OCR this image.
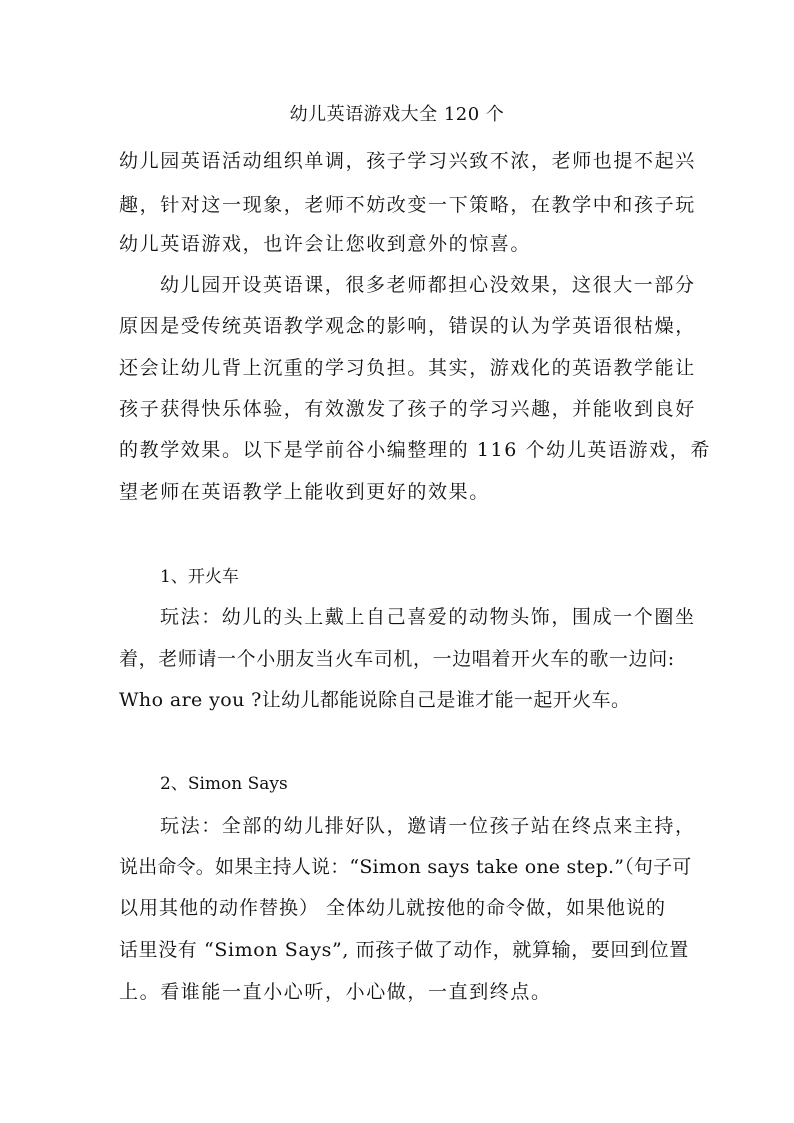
幼儿英语游戏大全 120 个
幼儿园英语活动组织单调，孩子学习兴致不浓，老师也提不起兴
趣，针对这一现象，老师不妨改变一下策略，在教学中和孩子玩
幼儿英语游戏，也许会让您收到意外的惊喜。
幼儿园开设英语课，很多老师都担心没效果，这很大一部分
原因是受传统英语教学观念的影响，错误的认为学英语很枯燥，
还会让幼儿背上沉重的学习负担。其实，游戏化的英语教学能让
孩子获得快乐体验，有效激发了孩子的学习兴趣，并能收到良好
的教学效果。以下是学前谷小编整理的 116 个幼儿英语游戏，希
望老师在英语教学上能收到更好的效果。
1、开火车
玩法：幼儿的头上戴上自己喜爱的动物头饰，围成一个圈坐
着，老师请一个小朋友当火车司机，一边唱着开火车的歌一边问:
Who are you ?让幼儿都能说除自己是谁才能一起开火车。
2、Simon Says
玩法：全部的幼儿排好队，邀请一位孩子站在终点来主持，
说出命令。如果主持人说：“Simon says take one step.”（句子可
以用其他的动作替换） 全体幼儿就按他的命令做，如果他说的
话里没有 “Simon Says”, 而孩子做了动作，就算输，要回到位置
上。看谁能一直小心听，小心做，一直到终点。
